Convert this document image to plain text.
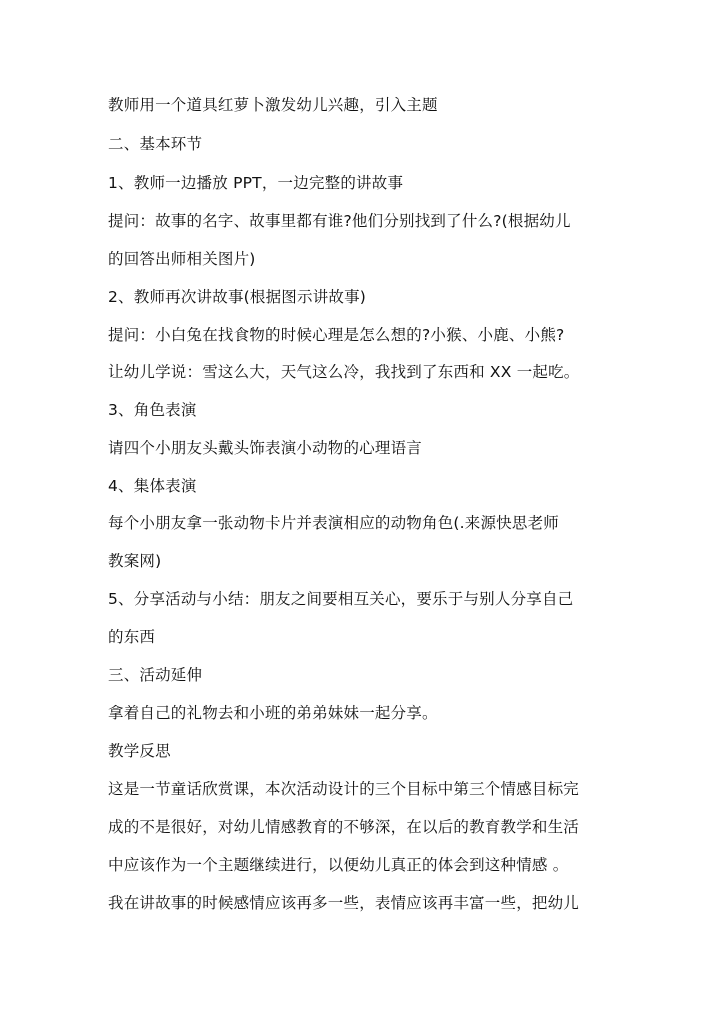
教师用一个道具红萝卜激发幼儿兴趣，引入主题
二、基本环节
1、教师一边播放 PPT，一边完整的讲故事
提问：故事的名字、故事里都有谁?他们分别找到了什么?(根据幼儿
的回答出师相关图片)
2、教师再次讲故事(根据图示讲故事)
提问：小白兔在找食物的时候心理是怎么想的?小猴、小鹿、小熊?
让幼儿学说：雪这么大，天气这么冷，我找到了东西和 XX 一起吃。
3、角色表演
请四个小朋友头戴头饰表演小动物的心理语言
4、集体表演
每个小朋友拿一张动物卡片并表演相应的动物角色(.来源快思老师
教案网)
5、分享活动与小结：朋友之间要相互关心，要乐于与别人分享自己
的东西
三、活动延伸
拿着自己的礼物去和小班的弟弟妹妹一起分享。
教学反思
这是一节童话欣赏课，本次活动设计的三个目标中第三个情感目标完
成的不是很好，对幼儿情感教育的不够深，在以后的教育教学和生活
中应该作为一个主题继续进行，以便幼儿真正的体会到这种情感 。
我在讲故事的时候感情应该再多一些，表情应该再丰富一些，把幼儿
